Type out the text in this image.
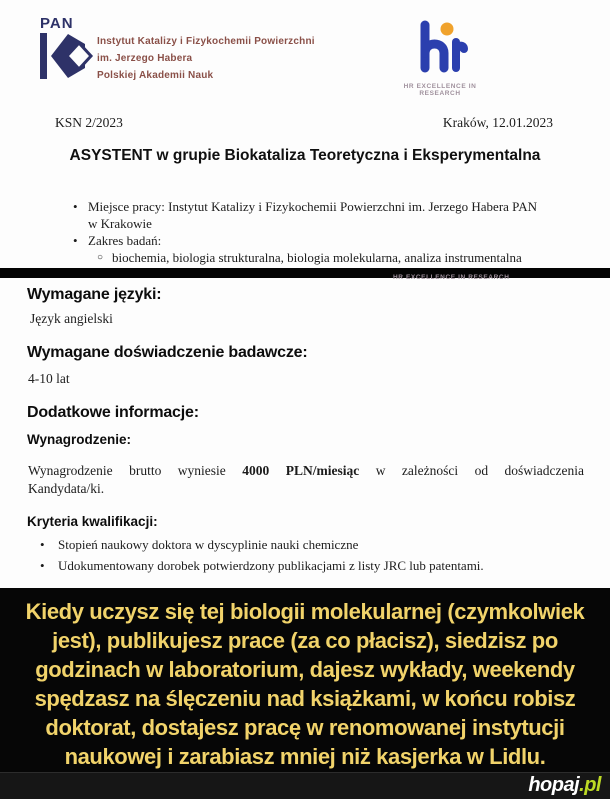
PAN
Instytut Katalizy i Fizykochemii Powierzchni
im. Jerzego Habera
Polskiej Akademii Nauk
HR EXCELLENCE IN RESEARCH
KSN 2/2023	Kraków, 12.01.2023
ASYSTENT w grupie Biokataliza Teoretyczna i Eksperymentalna
• Miejsce pracy: Instytut Katalizy i Fizykochemii Powierzchni im. Jerzego Habera PAN
w Krakowie
• Zakres badań:
○ biochemia, biologia strukturalna, biologia molekularna, analiza instrumentalna
HR EXCELLENCE IN RESEARCH
Wymagane języki:
Język angielski
Wymagane doświadczenie badawcze:
4-10 lat
Dodatkowe informacje:
Wynagrodzenie:
Wynagrodzenie brutto wyniesie 4000 PLN/miesiąc w zależności od doświadczenia
Kandydata/ki.
Kryteria kwalifikacji:
• Stopień naukowy doktora w dyscyplinie nauki chemiczne
• Udokumentowany dorobek potwierdzony publikacjami z listy JRC lub patentami.
Kiedy uczysz się tej biologii molekularnej (czymkolwiek
jest), publikujesz prace (za co płacisz), siedzisz po
godzinach w laboratorium, dajesz wykłady, weekendy
spędzasz na ślęczeniu nad książkami, w końcu robisz
doktorat, dostajesz pracę w renomowanej instytucji
naukowej i zarabiasz mniej niż kasjerka w Lidlu.
hopaj.pl
